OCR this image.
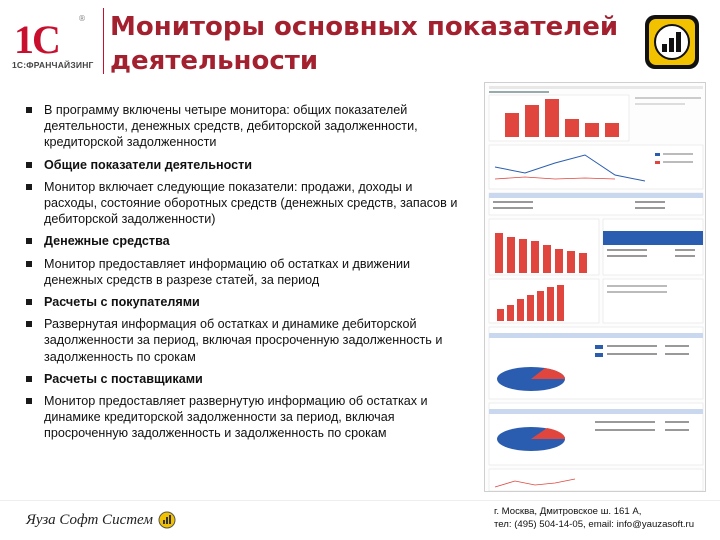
1С ®
1С:ФРАНЧАЙЗИНГ
Мониторы основных показателей
деятельности
В программу включены четыре монитора: общих показателей деятельности, денежных средств, дебиторской задолженности, кредиторской задолженности
Общие показатели деятельности
Монитор включает следующие показатели: продажи, доходы и расходы, состояние оборотных средств (денежных средств, запасов и дебиторской задолженности)
Денежные средства
Монитор предоставляет информацию об остатках и движении денежных средств в разрезе статей, за период
Расчеты с покупателями
Развернутая информация об остатках и динамике дебиторской задолженности за период, включая просроченную задолженность и задолженность по срокам
Расчеты с поставщиками
Монитор предоставляет развернутую информацию об остатках и динамике кредиторской задолженности за период, включая просроченную задолженность и задолженность по срокам
Яуза Софт Систем
г. Москва, Дмитровское ш. 161 А,
тел: (495) 504-14-05, email: info@yauzasoft.ru
